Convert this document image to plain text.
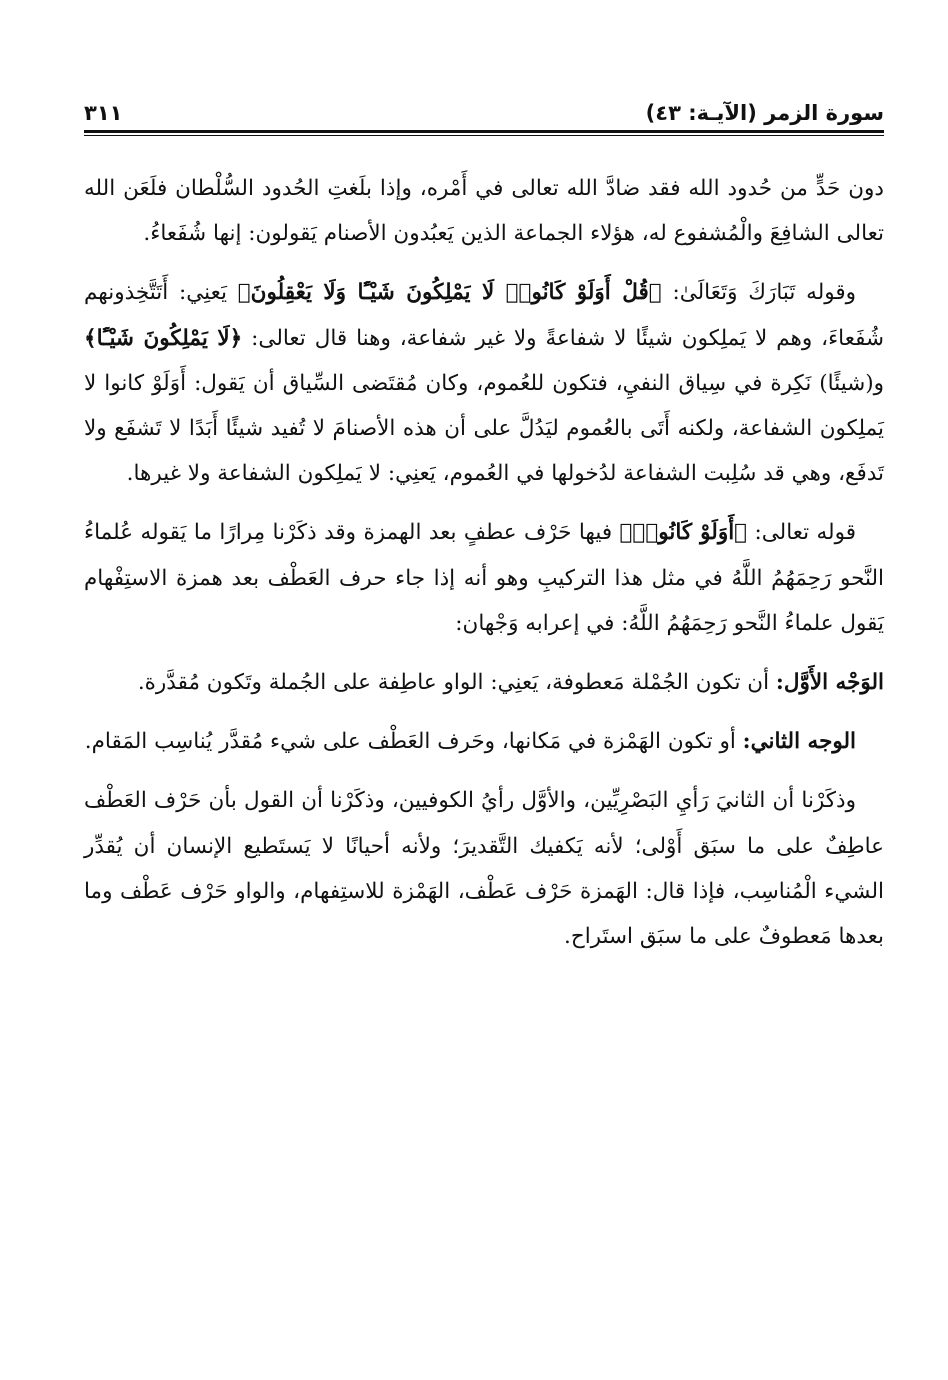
سورة الزمر (الآيـة: ٤٣)
٣١١

دون حَدٍّ من حُدود الله فقد ضادَّ الله تعالى في أَمْره، وإذا بلَغتِ الحُدود السُّلْطان فلَعَن الله تعالى الشافِعَ والْمُشفوع له، هؤلاء الجماعة الذين يَعبُدون الأصنام يَقولون: إنها شُفَعاءُ.

وقوله تَبَارَكَ وَتَعَالَىٰ: ﴿قُلْ أَوَلَوْ كَانُوا۟ لَا يَمْلِكُونَ شَيْـًٔا وَلَا يَعْقِلُونَ﴾ يَعنِي: أَتَتَّخِذونهم شُفَعاءَ، وهم لا يَملِكون شيئًا لا شفاعةً ولا غير شفاعة، وهنا قال تعالى: ﴿لَا يَمْلِكُونَ شَيْـًٔا﴾ و(شيئًا) نَكِرة في سِياق النفيِ، فتكون للعُموم، وكان مُقتَضى السِّياق أن يَقول: أَوَلَوْ كانوا لا يَملِكون الشفاعة، ولكنه أَتَى بالعُموم ليَدُلَّ على أن هذه الأصنامَ لا تُفيد شيئًا أَبَدًا لا تَشفَع ولا تَدفَع، وهي قد سُلِبت الشفاعة لدُخولها في العُموم، يَعنِي: لا يَملِكون الشفاعة ولا غيرها.

قوله تعالى: ﴿أَوَلَوْ كَانُوا۟﴾ فيها حَرْف عطفٍ بعد الهمزة وقد ذكَرْنا مِرارًا ما يَقوله عُلماءُ النَّحو رَحِمَهُمُ اللَّهُ في مثل هذا التركيبِ وهو أنه إذا جاء حرف العَطْف بعد همزة الاستِفْهام يَقول علماءُ النَّحو رَحِمَهُمُ اللَّهُ: في إعرابه وَجْهان:

الوَجْه الأَوَّل: أن تكون الجُمْلة مَعطوفة، يَعنِي: الواو عاطِفة على الجُملة وتَكون مُقدَّرة.

الوجه الثاني: أو تكون الهَمْزة في مَكانها، وحَرف العَطْف على شيء مُقدَّر يُناسِب المَقام.

وذكَرْنا أن الثانيَ رَأيِ البَصْرِيِّين، والأوَّل رأيُ الكوفيين، وذكَرْنا أن القول بأن حَرْف العَطْف عاطِفٌ على ما سبَق أَوْلى؛ لأنه يَكفيك التَّقديرَ؛ ولأنه أحيانًا لا يَستَطيع الإنسان أن يُقدِّر الشيء الْمُناسِب، فإذا قال: الهَمزة حَرْف عَطْف، الهَمْزة للاستِفهام، والواو حَرْف عَطْف وما بعدها مَعطوفٌ على ما سبَق استَراح.
